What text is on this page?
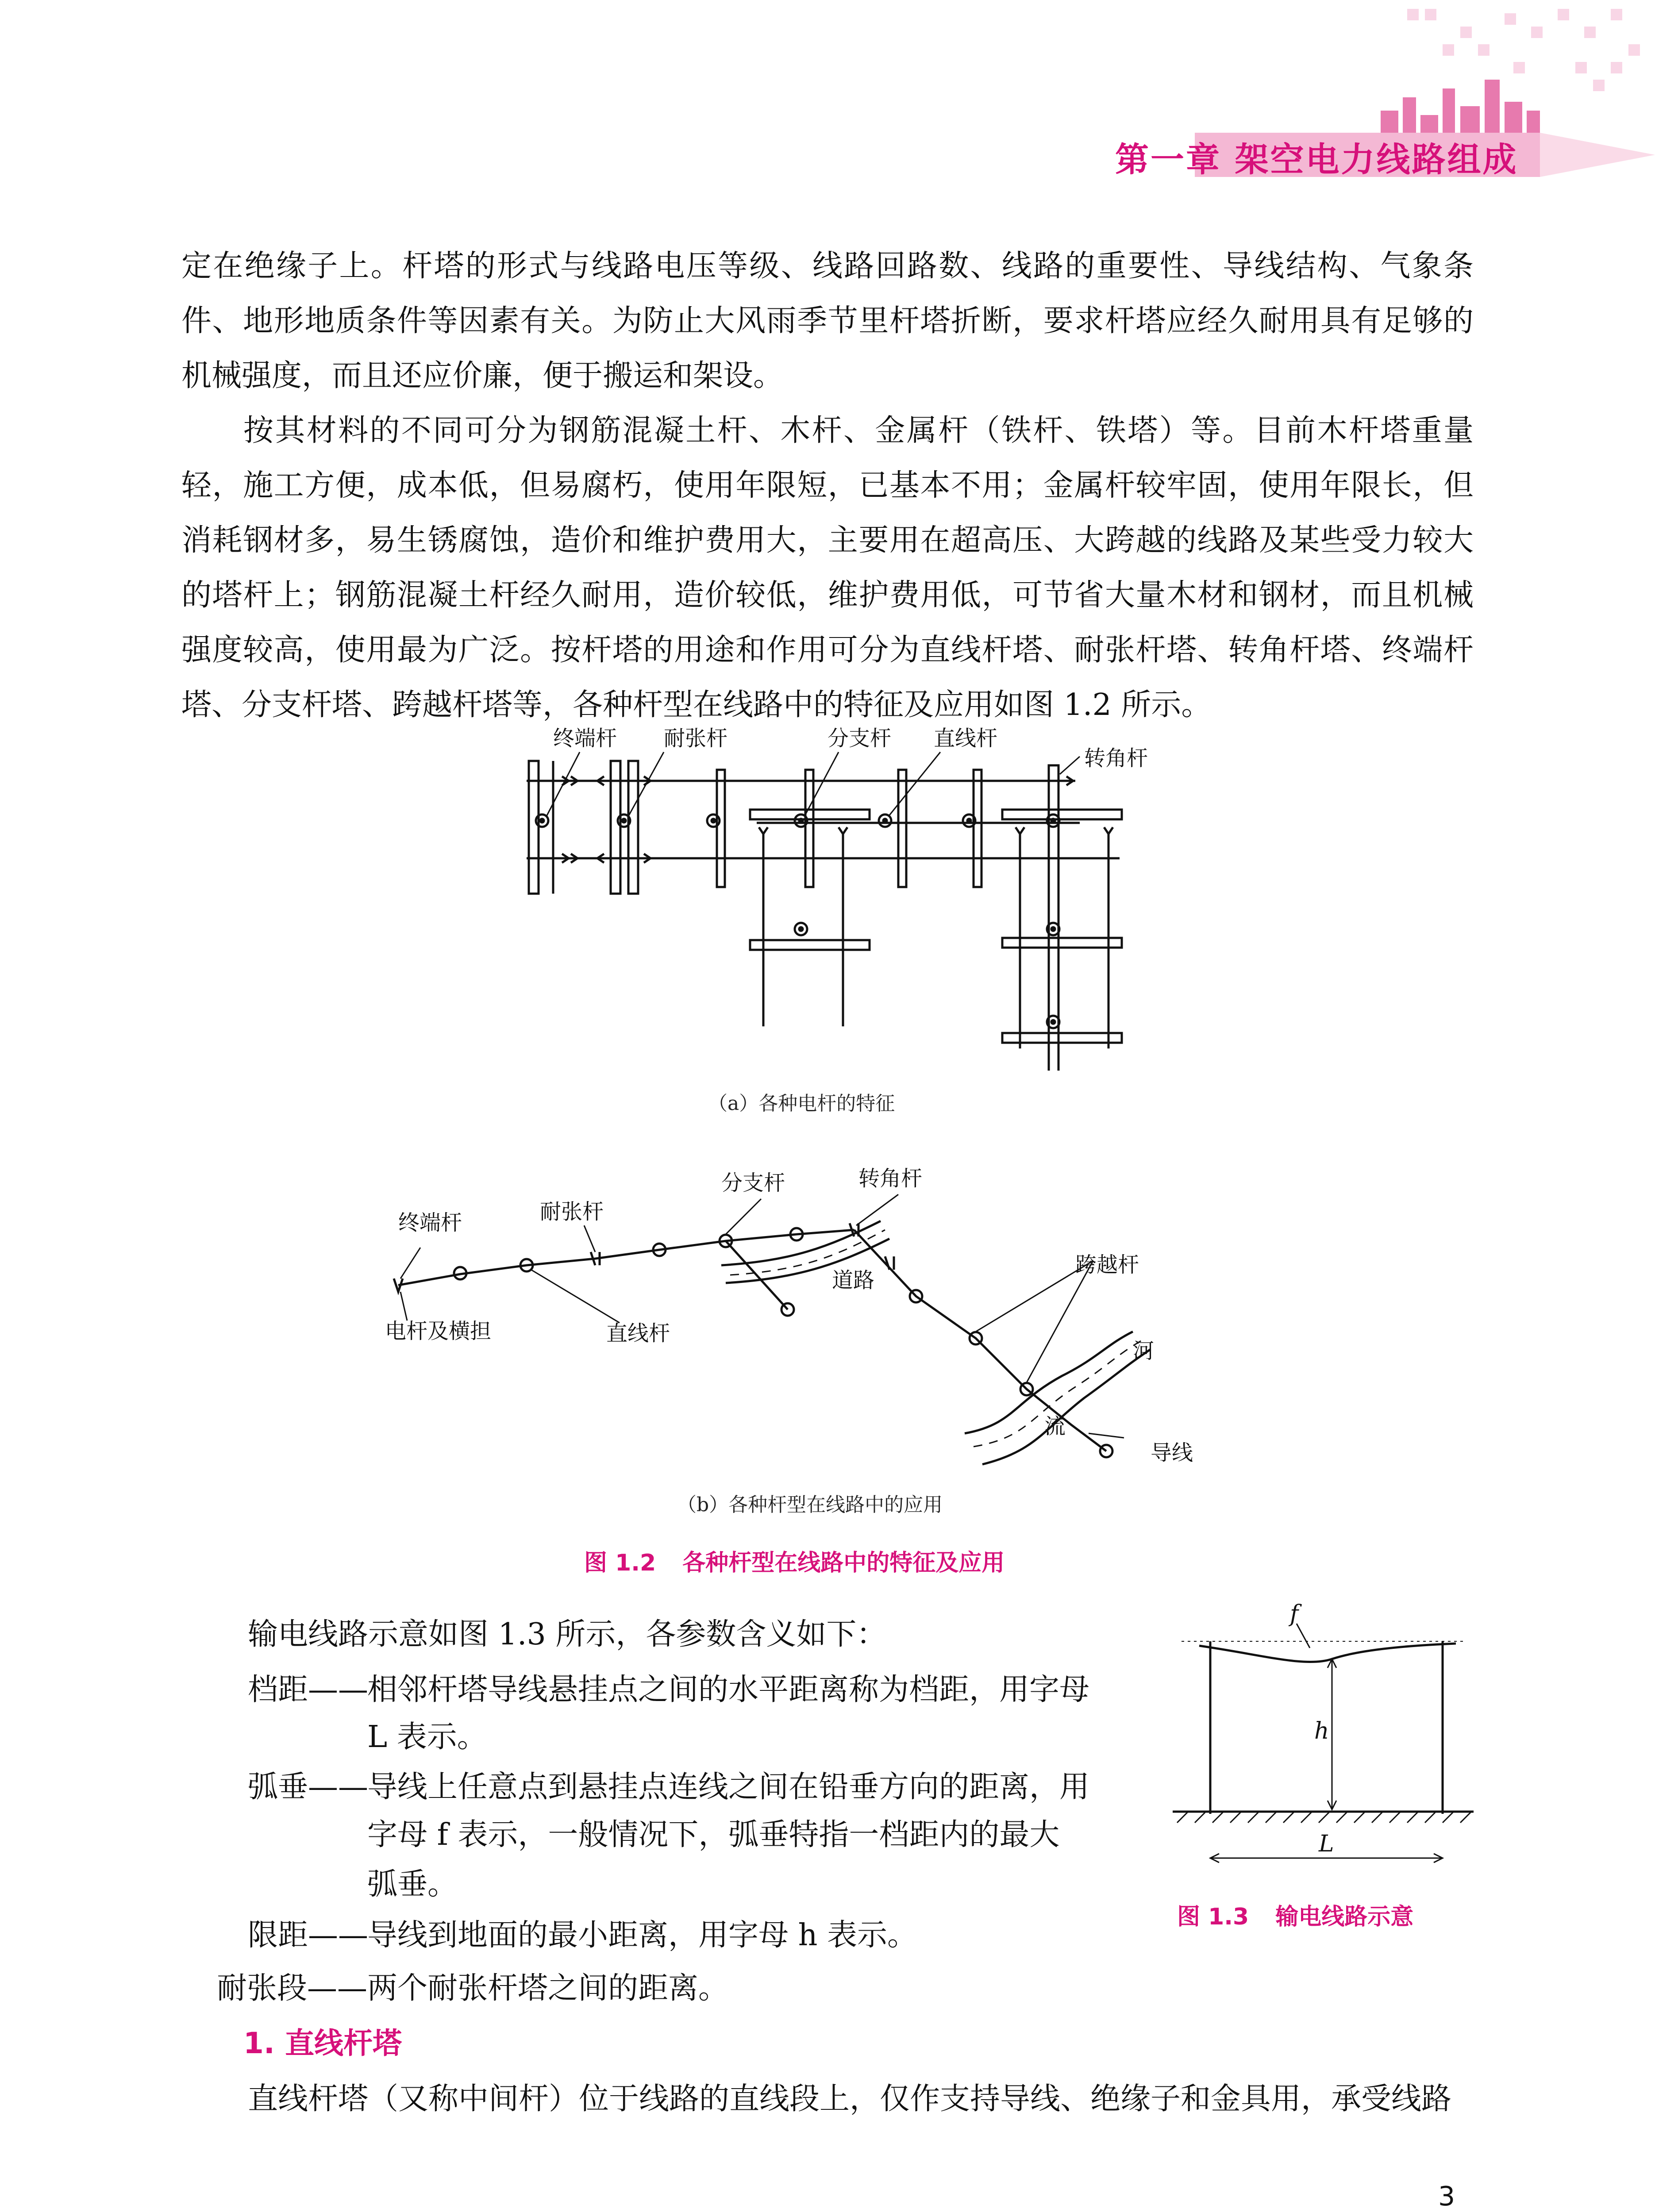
第一章 架空电力线路组成

定在绝缘子上。杆塔的形式与线路电压等级、线路回路数、线路的重要性、导线结构、气象条件、地形地质条件等因素有关。为防止大风雨季节里杆塔折断，要求杆塔应经久耐用具有足够的机械强度，而且还应价廉，便于搬运和架设。

按其材料的不同可分为钢筋混凝土杆、木杆、金属杆（铁杆、铁塔）等。目前木杆塔重量轻，施工方便，成本低，但易腐朽，使用年限短，已基本不用；金属杆较牢固，使用年限长，但消耗钢材多，易生锈腐蚀，造价和维护费用大，主要用在超高压、大跨越的线路及某些受力较大的塔杆上；钢筋混凝土杆经久耐用，造价较低，维护费用低，可节省大量木材和钢材，而且机械强度较高，使用最为广泛。按杆塔的用途和作用可分为直线杆塔、耐张杆塔、转角杆塔、终端杆塔、分支杆塔、跨越杆塔等，各种杆型在线路中的特征及应用如图 1.2 所示。

终端杆 耐张杆	分支杆 直线杆
转角杆
（a）各种电杆的特征
终端杆	耐张杆
分支杆	转角杆
跨越杆
道路
河
流
电杆及横担	直线杆
导线
（b）各种杆型在线路中的应用
图 1.2 各种杆型在线路中的特征及应用
输电线路示意如图 1.3 所示，各参数含义如下：
档距——
相邻杆塔导线悬挂点之间的水平距离称为档距，用字母
L 表示。
弧垂——
导线上任意点到悬挂点连线之间在铅垂方向的距离，用
字母 f 表示，一般情况下，弧垂特指一档距内的最大
弧垂。
限距——
导线到地面的最小距离，用字母 h 表示。
耐张段—— 两个耐张杆塔之间的距离。
f
h
L
图 1.3 输电线路示意
1. 直线杆塔
直线杆塔（又称中间杆）位于线路的直线段上，仅作支持导线、绝缘子和金具用，承受线路
3
